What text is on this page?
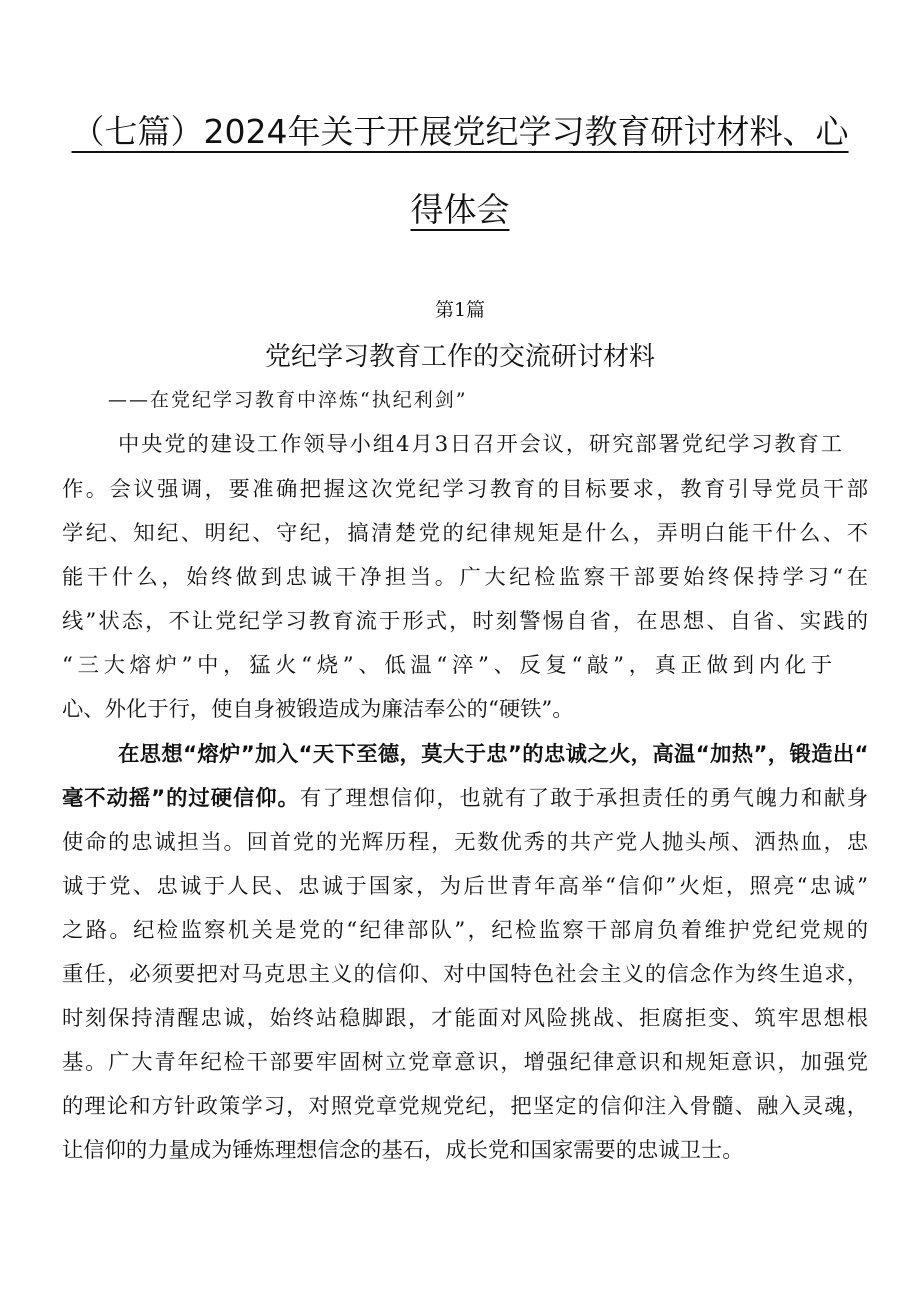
（七篇）2024年关于开展党纪学习教育研讨材料、心
得体会
第1篇
党纪学习教育工作的交流研讨材料
——在党纪学习教育中淬炼“执纪利剑”
中央党的建设工作领导小组4月3日召开会议，研究部署党纪学习教育工
作。会议强调，要准确把握这次党纪学习教育的目标要求，教育引导党员干部
学纪、知纪、明纪、守纪，搞清楚党的纪律规矩是什么，弄明白能干什么、不
能干什么，始终做到忠诚干净担当。广大纪检监察干部要始终保持学习“在
线”状态，不让党纪学习教育流于形式，时刻警惕自省，在思想、自省、实践的
“三大熔炉”中，猛火“烧”、低温“淬”、反复“敲”，真正做到内化于
心、外化于行，使自身被锻造成为廉洁奉公的“硬铁”。
在思想“熔炉”加入“天下至德，莫大于忠”的忠诚之火，高温“加热”，锻造出“
毫不动摇”的过硬信仰。有了理想信仰，也就有了敢于承担责任的勇气魄力和献身
使命的忠诚担当。回首党的光辉历程，无数优秀的共产党人抛头颅、洒热血，忠
诚于党、忠诚于人民、忠诚于国家，为后世青年高举“信仰”火炬，照亮“忠诚”
之路。纪检监察机关是党的“纪律部队”，纪检监察干部肩负着维护党纪党规的
重任，必须要把对马克思主义的信仰、对中国特色社会主义的信念作为终生追求，
时刻保持清醒忠诚，始终站稳脚跟，才能面对风险挑战、拒腐拒变、筑牢思想根
基。广大青年纪检干部要牢固树立党章意识，增强纪律意识和规矩意识，加强党
的理论和方针政策学习，对照党章党规党纪，把坚定的信仰注入骨髓、融入灵魂，
让信仰的力量成为锤炼理想信念的基石，成长党和国家需要的忠诚卫士。
